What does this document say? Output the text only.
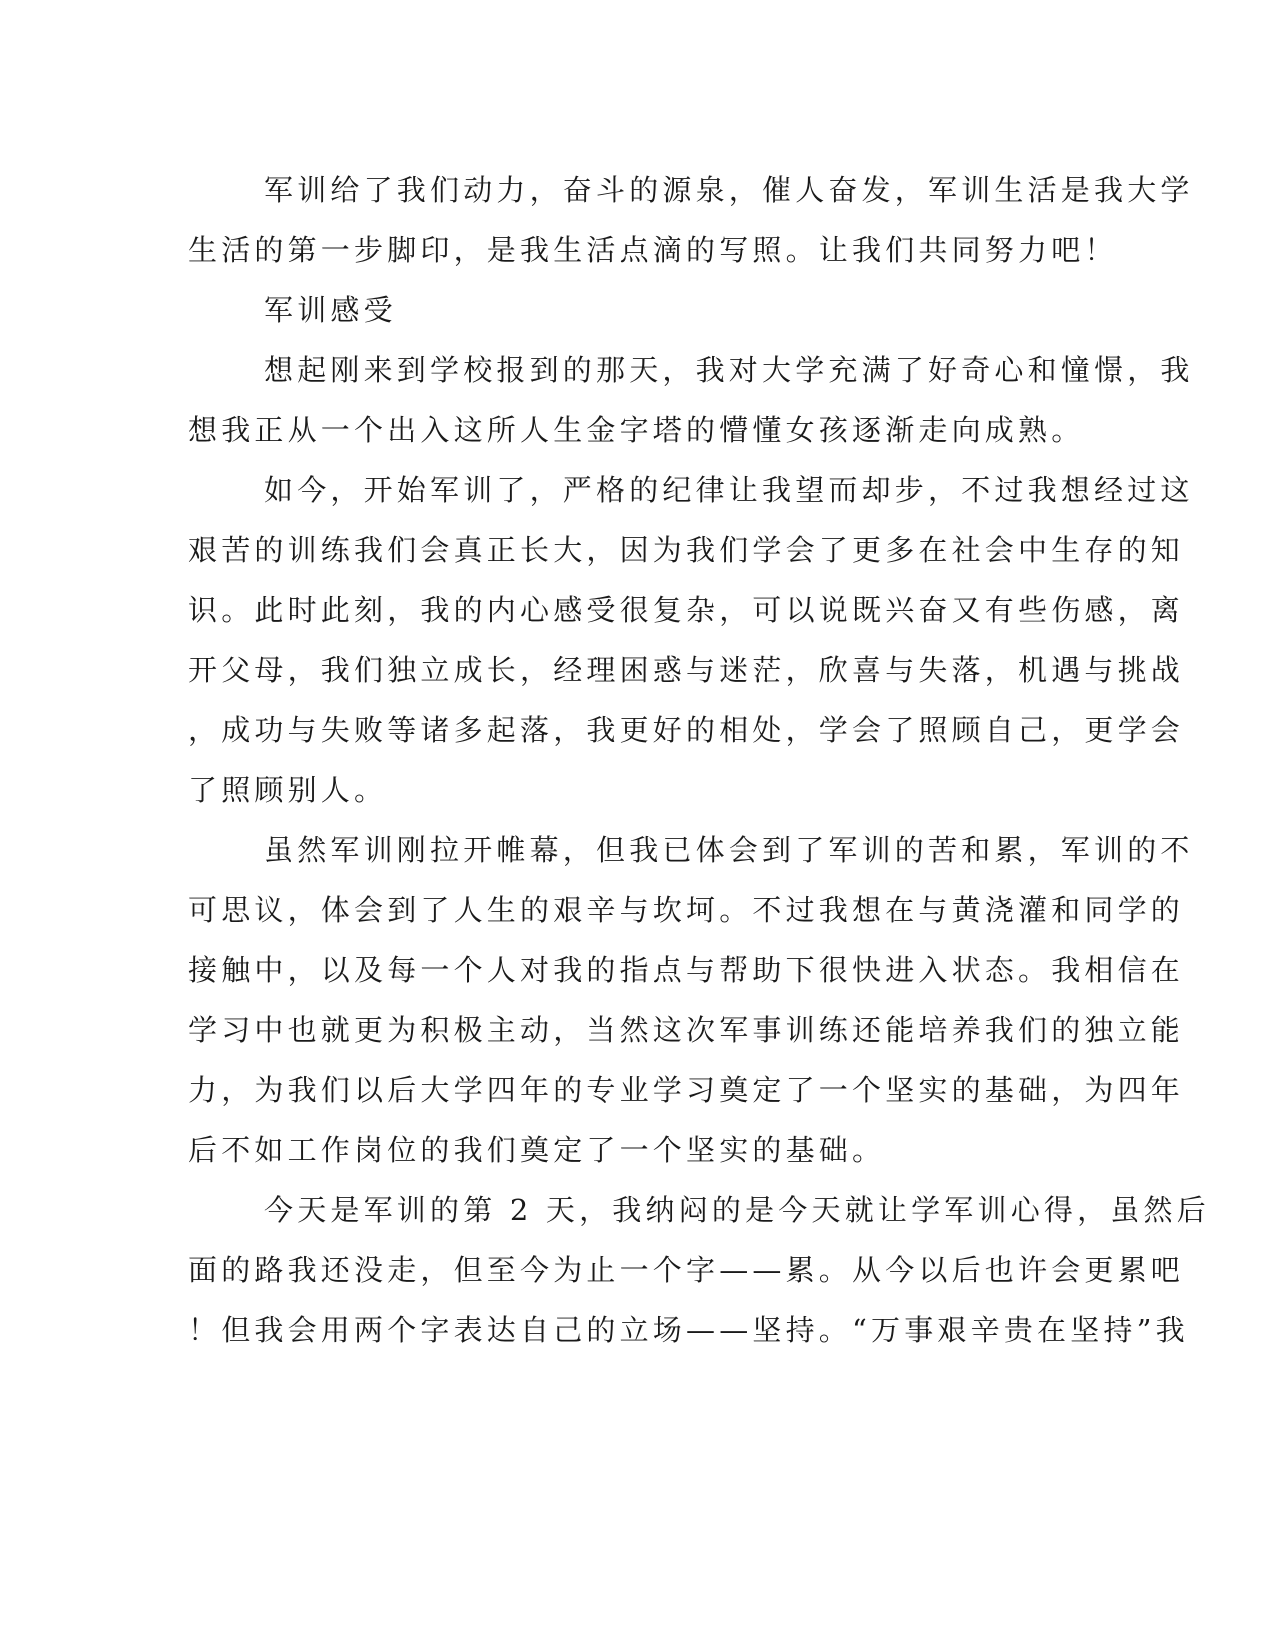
军训给了我们动力，奋斗的源泉，催人奋发，军训生活是我大学
生活的第一步脚印，是我生活点滴的写照。让我们共同努力吧！

军训感受

想起刚来到学校报到的那天，我对大学充满了好奇心和憧憬，我
想我正从一个出入这所人生金字塔的懵懂女孩逐渐走向成熟。

如今，开始军训了，严格的纪律让我望而却步，不过我想经过这
艰苦的训练我们会真正长大，因为我们学会了更多在社会中生存的知
识。此时此刻，我的内心感受很复杂，可以说既兴奋又有些伤感，离
开父母，我们独立成长，经理困惑与迷茫，欣喜与失落，机遇与挑战
，成功与失败等诸多起落，我更好的相处，学会了照顾自己，更学会
了照顾别人。

虽然军训刚拉开帷幕，但我已体会到了军训的苦和累，军训的不
可思议，体会到了人生的艰辛与坎坷。不过我想在与黄浇灌和同学的
接触中，以及每一个人对我的指点与帮助下很快进入状态。我相信在
学习中也就更为积极主动，当然这次军事训练还能培养我们的独立能
力，为我们以后大学四年的专业学习奠定了一个坚实的基础，为四年
后不如工作岗位的我们奠定了一个坚实的基础。

今天是军训的第 2 天，我纳闷的是今天就让学军训心得，虽然后
面的路我还没走，但至今为止一个字——累。从今以后也许会更累吧
！但我会用两个字表达自己的立场——坚持。“万事艰辛贵在坚持”我
